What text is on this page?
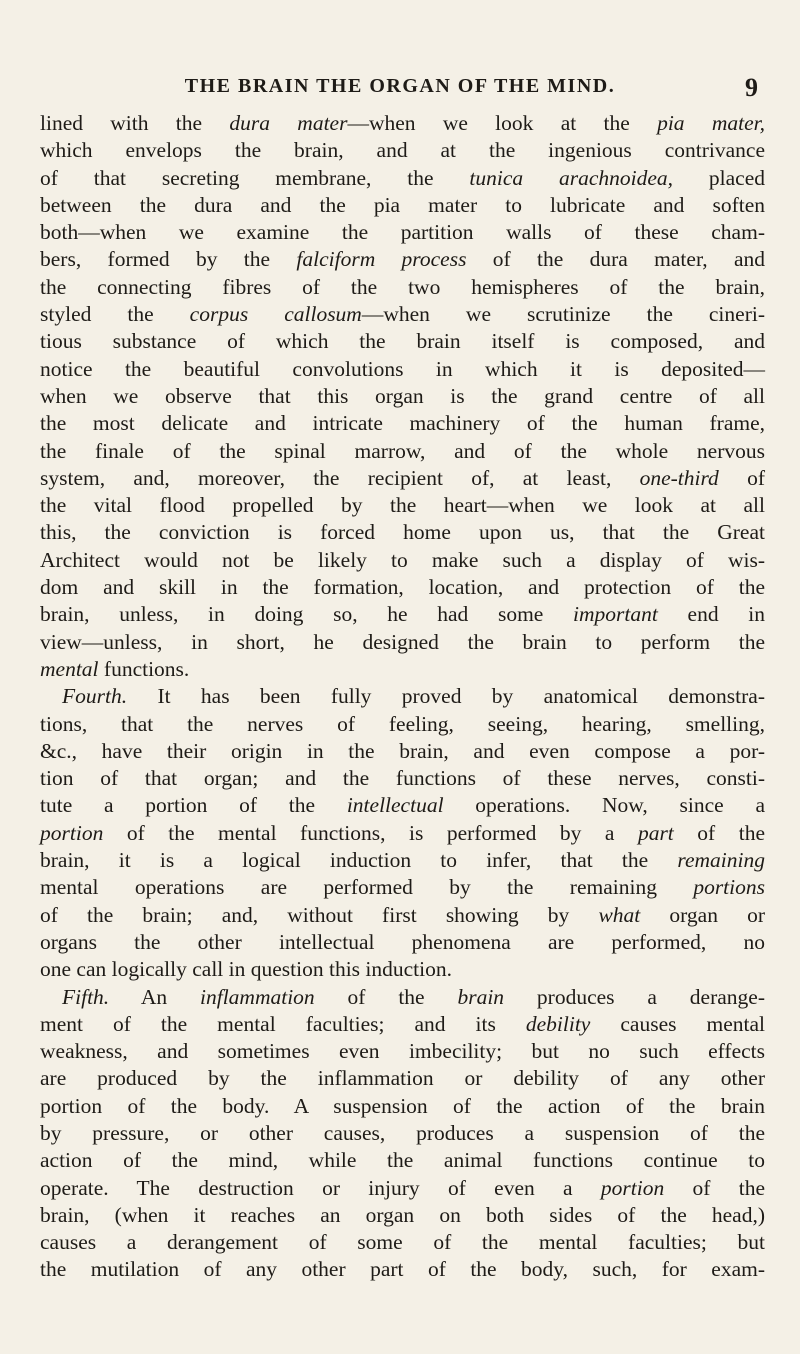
THE BRAIN THE ORGAN OF THE MIND.	9
lined with the dura mater—when we look at the pia mater,
which envelops the brain, and at the ingenious contrivance
of that secreting membrane, the tunica arachnoidea, placed
between the dura and the pia mater to lubricate and soften
both—when we examine the partition walls of these cham-
bers, formed by the falciform process of the dura mater, and
the connecting fibres of the two hemispheres of the brain,
styled the corpus callosum—when we scrutinize the cineri-
tious substance of which the brain itself is composed, and
notice the beautiful convolutions in which it is deposited—
when we observe that this organ is the grand centre of all
the most delicate and intricate machinery of the human frame,
the finale of the spinal marrow, and of the whole nervous
system, and, moreover, the recipient of, at least, one-third of
the vital flood propelled by the heart—when we look at all
this, the conviction is forced home upon us, that the Great
Architect would not be likely to make such a display of wis-
dom and skill in the formation, location, and protection of the
brain, unless, in doing so, he had some important end in
view—unless, in short, he designed the brain to perform the
mental functions.
Fourth. It has been fully proved by anatomical demonstra-
tions, that the nerves of feeling, seeing, hearing, smelling,
&c., have their origin in the brain, and even compose a por-
tion of that organ; and the functions of these nerves, consti-
tute a portion of the intellectual operations. Now, since a
portion of the mental functions, is performed by a part of the
brain, it is a logical induction to infer, that the remaining
mental operations are performed by the remaining portions
of the brain; and, without first showing by what organ or
organs the other intellectual phenomena are performed, no
one can logically call in question this induction.
Fifth. An inflammation of the brain produces a derange-
ment of the mental faculties; and its debility causes mental
weakness, and sometimes even imbecility; but no such effects
are produced by the inflammation or debility of any other
portion of the body. A suspension of the action of the brain
by pressure, or other causes, produces a suspension of the
action of the mind, while the animal functions continue to
operate. The destruction or injury of even a portion of the
brain, (when it reaches an organ on both sides of the head,)
causes a derangement of some of the mental faculties; but
the mutilation of any other part of the body, such, for exam-
